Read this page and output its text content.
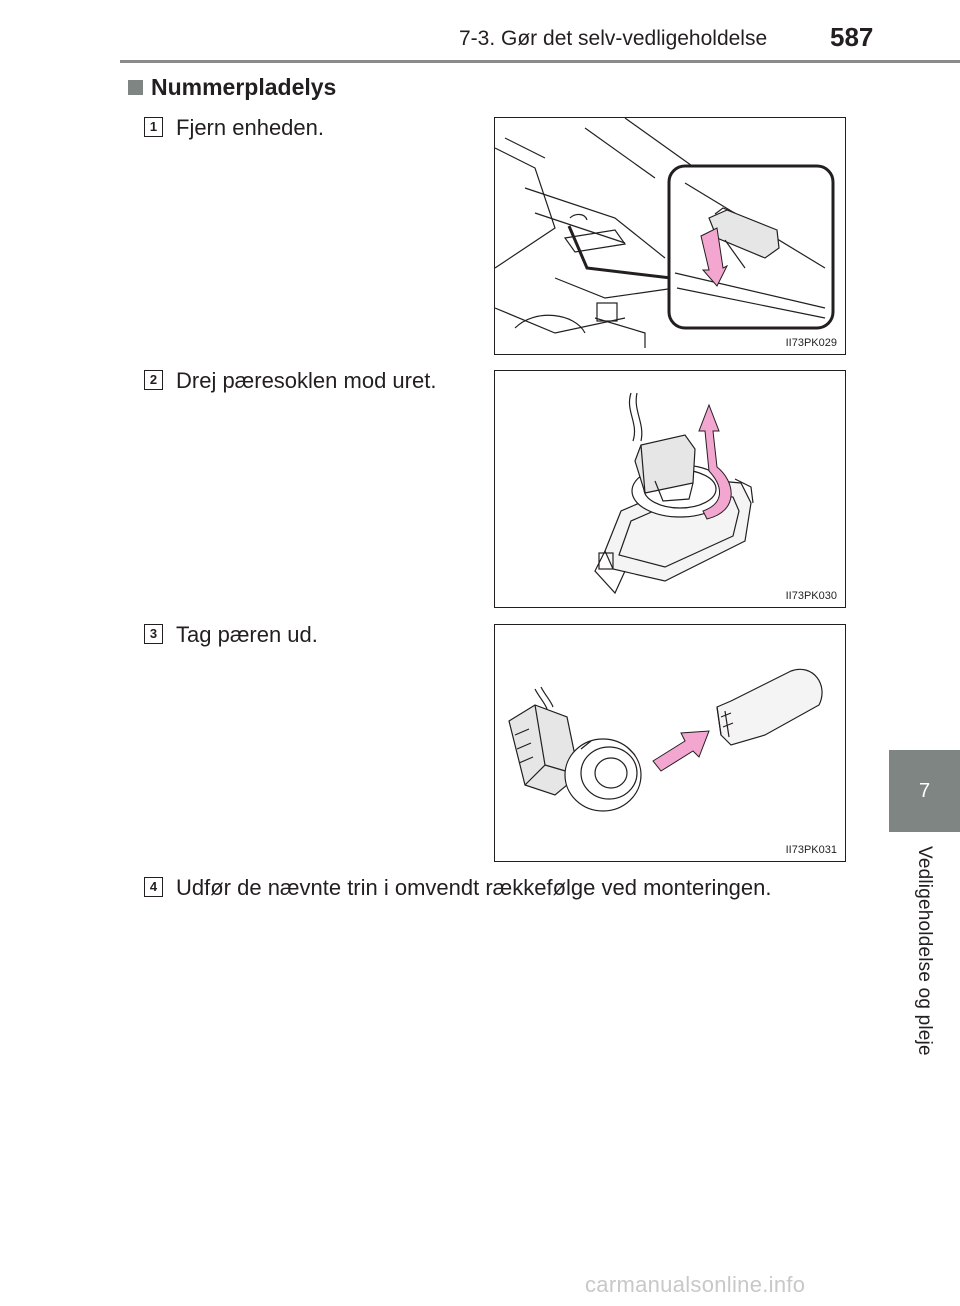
7-3. Gør det selv-vedligeholdelse 587
7
Vedligeholdelse og pleje
Nummerpladelys
1 Fjern enheden.
II73PK029
2 Drej pæresoklen mod uret.
II73PK030
3 Tag pæren ud.
II73PK031
4 Udfør de nævnte trin i omvendt rækkefølge ved monteringen.
carmanualsonline.info
